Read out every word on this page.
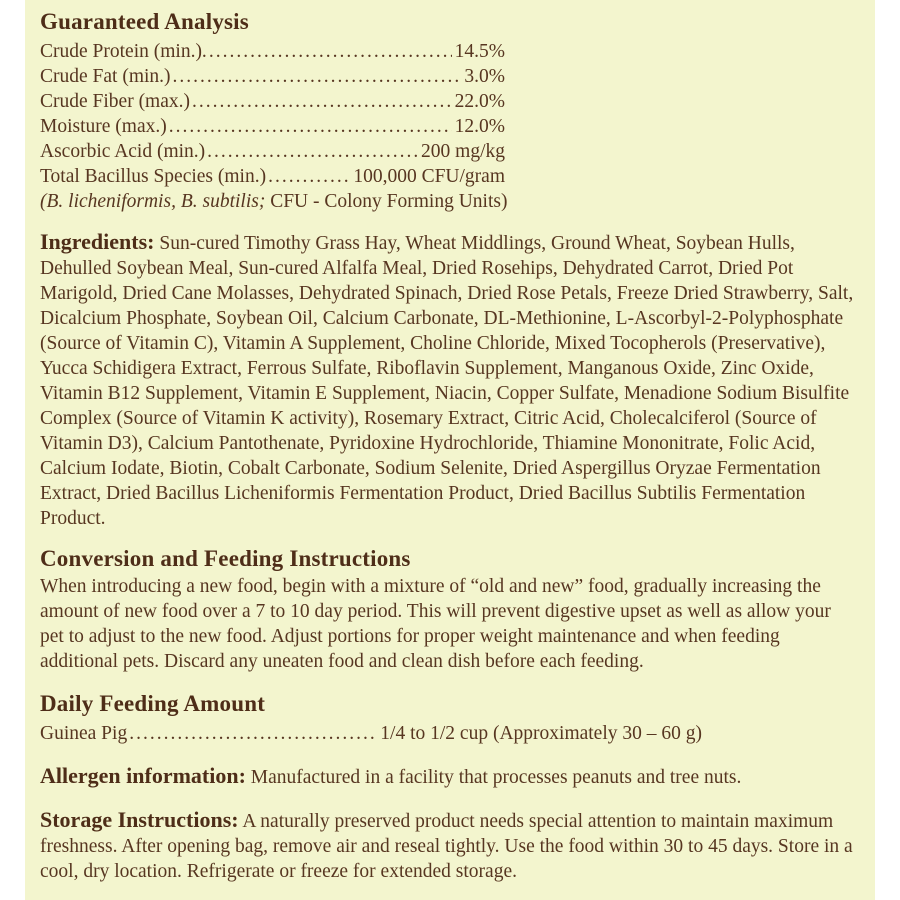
Guaranteed Analysis
Crude Protein (min.). .....	14.5%
Crude Fat (min.) .....	3.0%
Crude Fiber (max.) .....	22.0%
Moisture (max.) .....	12.0%
Ascorbic Acid (min.) .....	200 mg/kg
Total Bacillus Species (min.) .....	100,000 CFU/gram

(B. licheniformis, B. subtilis; CFU - Colony Forming Units)

Ingredients: Sun-cured Timothy Grass Hay, Wheat Middlings, Ground Wheat, Soybean Hulls, Dehulled Soybean Meal, Sun-cured Alfalfa Meal, Dried Rosehips, Dehydrated Carrot, Dried Pot Marigold, Dried Cane Molasses, Dehydrated Spinach, Dried Rose Petals, Freeze Dried Strawberry, Salt, Dicalcium Phosphate, Soybean Oil, Calcium Carbonate, DL-Methionine, L-Ascorbyl-2-Polyphosphate (Source of Vitamin C), Vitamin A Supplement, Choline Chloride, Mixed Tocopherols (Preservative), Yucca Schidigera Extract, Ferrous Sulfate, Riboflavin Supplement, Manganous Oxide, Zinc Oxide, Vitamin B12 Supplement, Vitamin E Supplement, Niacin, Copper Sulfate, Menadione Sodium Bisulfite Complex (Source of Vitamin K activity), Rosemary Extract, Citric Acid, Cholecalciferol (Source of Vitamin D3), Calcium Pantothenate, Pyridoxine Hydrochloride, Thiamine Mononitrate, Folic Acid, Calcium Iodate, Biotin, Cobalt Carbonate, Sodium Selenite, Dried Aspergillus Oryzae Fermentation Extract, Dried Bacillus Licheniformis Fermentation Product, Dried Bacillus Subtilis Fermentation Product.

Conversion and Feeding Instructions

When introducing a new food, begin with a mixture of “old and new” food, gradually increasing the amount of new food over a 7 to 10 day period. This will prevent digestive upset as well as allow your pet to adjust to the new food. Adjust portions for proper weight maintenance and when feeding additional pets. Discard any uneaten food and clean dish before each feeding.

Daily Feeding Amount
Guinea Pig .....	1/4 to 1/2 cup (Approximately 30 – 60 g)

Allergen information: Manufactured in a facility that processes peanuts and tree nuts.

Storage Instructions: A naturally preserved product needs special attention to maintain maximum freshness. After opening bag, remove air and reseal tightly. Use the food within 30 to 45 days. Store in a cool, dry location. Refrigerate or freeze for extended storage.
